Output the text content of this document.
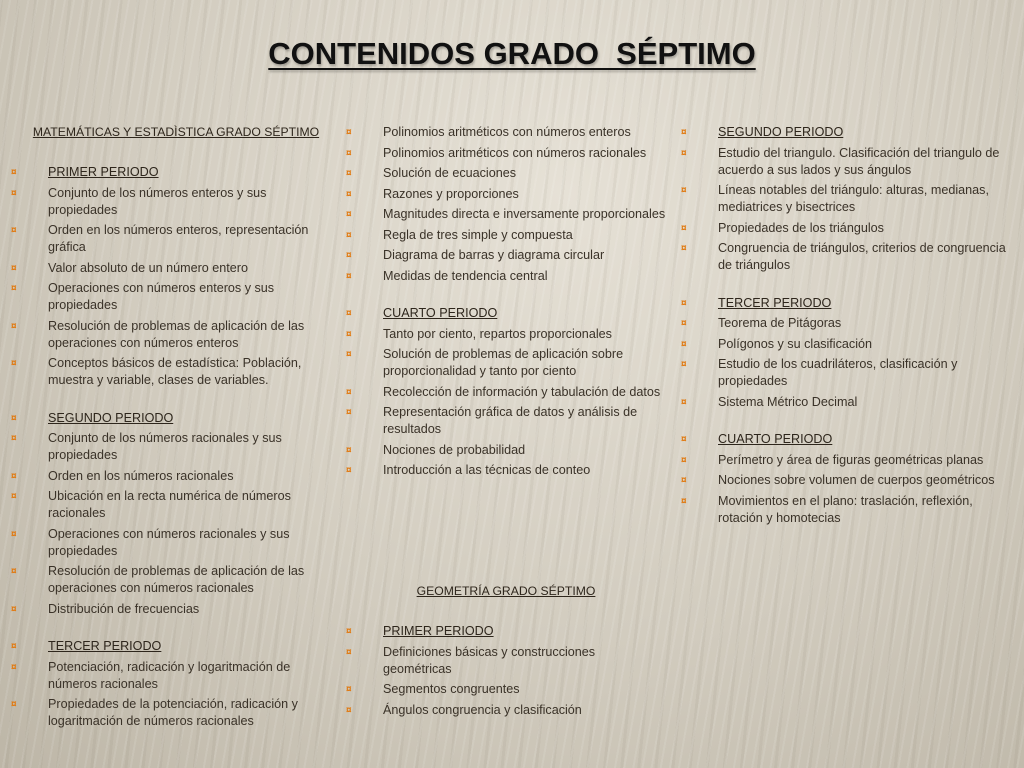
CONTENIDOS GRADO  SÉPTIMO
MATEMÁTICAS Y ESTADÌSTICA GRADO SÉPTIMO
¤	PRIMER PERIODO
¤	Conjunto de los números enteros y sus propiedades
¤	Orden en los números enteros, representación gráfica
¤	Valor absoluto de un número entero
¤	Operaciones con números enteros y sus propiedades
¤	Resolución de problemas de aplicación de las operaciones con números enteros
¤	Conceptos básicos de estadística: Población, muestra y variable, clases de variables.
¤	SEGUNDO PERIODO
¤	Conjunto de los números racionales y sus propiedades
¤	Orden en los números racionales
¤	Ubicación en la recta numérica de números racionales
¤	Operaciones con números racionales y sus propiedades
¤	Resolución de problemas de aplicación de las operaciones con números racionales
¤	Distribución de frecuencias
¤	TERCER PERIODO
¤	Potenciación, radicación y logaritmación de números racionales
¤	Propiedades de la potenciación, radicación y logaritmación de números racionales
¤	Polinomios aritméticos con números enteros
¤	Polinomios aritméticos con números racionales
¤	Solución de ecuaciones
¤	Razones y proporciones
¤	Magnitudes directa e inversamente proporcionales
¤	Regla de tres simple y compuesta
¤	Diagrama de barras y diagrama circular
¤	Medidas de tendencia central
¤	CUARTO PERIODO
¤	Tanto por ciento, repartos proporcionales
¤	Solución de problemas de aplicación sobre proporcionalidad y tanto por ciento
¤	Recolección de información y tabulación de datos
¤	Representación gráfica de datos y análisis de resultados
¤	Nociones de probabilidad
¤	Introducción a las técnicas de conteo
GEOMETRÍA GRADO SÉPTIMO
¤	PRIMER PERIODO
¤	Definiciones básicas y construcciones geométricas
¤	Segmentos congruentes
¤	Ángulos congruencia y clasificación
¤	SEGUNDO PERIODO
¤	Estudio del triangulo. Clasificación del triangulo de acuerdo a sus lados y sus ángulos
¤	Líneas notables del triángulo: alturas, medianas, mediatrices y bisectrices
¤	Propiedades de los triángulos
¤	Congruencia de triángulos, criterios de congruencia de triángulos
¤	TERCER PERIODO
¤	Teorema de Pitágoras
¤	Polígonos y su clasificación
¤	Estudio de los cuadriláteros, clasificación y propiedades
¤	Sistema Métrico Decimal
¤	CUARTO PERIODO
¤	Perímetro y área de figuras geométricas planas
¤	Nociones sobre volumen de cuerpos geométricos
¤	Movimientos en el plano: traslación, reflexión, rotación y homotecias
